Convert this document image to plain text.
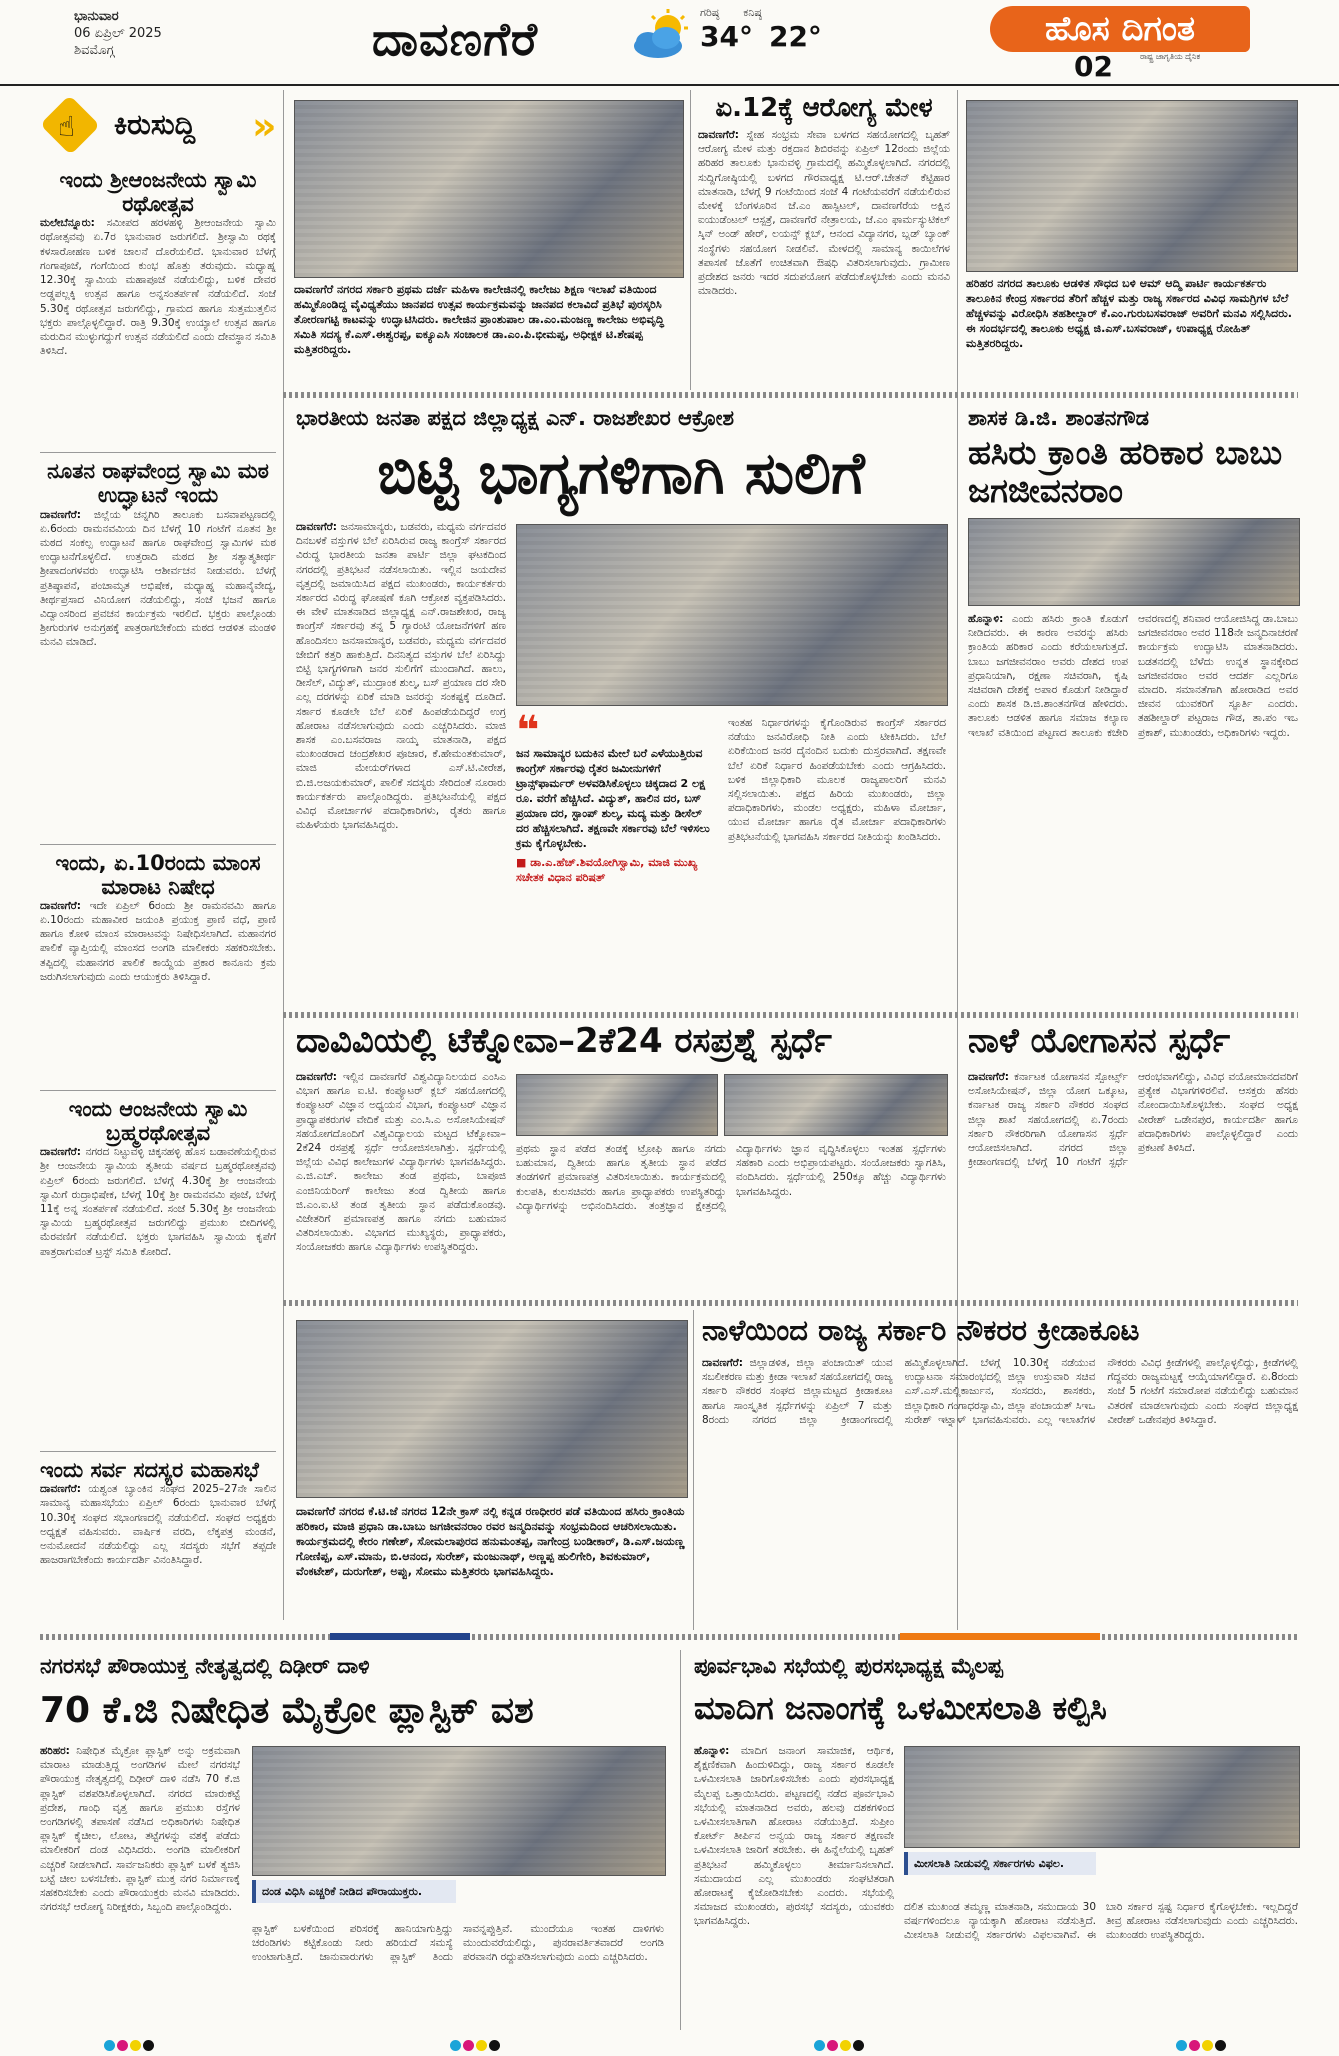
ಭಾನುವಾರ
06 ಏಪ್ರಿಲ್ 2025
ಶಿವಮೊಗ್ಗ	ದಾವಣಗೆರೆ	ಗರಿಷ್ಠ ಕನಿಷ್ಠ
34° 22°	ಹೊಸ ದಿಗಂತ
ರಾಷ್ಟ್ರ ಜಾಗೃತಿಯ ದೈನಿಕ
02
☝ ಕಿರುಸುದ್ದಿ »
ಇಂದು ಶ್ರೀಆಂಜನೇಯ ಸ್ವಾಮಿ ರಥೋತ್ಸವ
ಮಲೇಬೆನ್ನೂರು: ಸಮೀಪದ ಹರಳಹಳ್ಳಿ ಶ್ರೀಆಂಜನೇಯ ಸ್ವಾಮಿ ರಥೋತ್ಸವವು ಏ.7ರ ಭಾನುವಾರ ಜರುಗಲಿದೆ. ಶ್ರೀಸ್ವಾಮಿ ರಥಕ್ಕೆ ಕಳಸಾರೋಹಣ ಬಳಿಕ ಚಾಲನೆ ದೊರೆಯಲಿದೆ. ಭಾನುವಾರ ಬೆಳಗ್ಗೆ ಗಂಗಾಪೂಜೆ, ಗಂಗೆಯಿಂದ ಕುಂಭ ಹೊತ್ತು ತರುವುದು. ಮಧ್ಯಾಹ್ನ 12.30ಕ್ಕೆ ಸ್ವಾಮಿಯ ಮಹಾಪೂಜೆ ನಡೆಯಲಿದ್ದು, ಬಳಿಕ ದೇವರ ಅಡ್ಡಪಲ್ಲಕ್ಕಿ ಉತ್ಸವ ಹಾಗೂ ಅನ್ನಸಂತರ್ಪಣೆ ನಡೆಯಲಿದೆ. ಸಂಜೆ 5.30ಕ್ಕೆ ರಥೋತ್ಸವ ಜರುಗಲಿದ್ದು, ಗ್ರಾಮದ ಹಾಗೂ ಸುತ್ತಮುತ್ತಲಿನ ಭಕ್ತರು ಪಾಲ್ಗೊಳ್ಳಲಿದ್ದಾರೆ. ರಾತ್ರಿ 9.30ಕ್ಕೆ ಉಯ್ಯಾಲೆ ಉತ್ಸವ ಹಾಗೂ ಮರುದಿನ ಮುಳ್ಳುಗದ್ದುಗೆ ಉತ್ಸವ ನಡೆಯಲಿದೆ ಎಂದು ದೇವಸ್ಥಾನ ಸಮಿತಿ ತಿಳಿಸಿದೆ.
ನೂತನ ರಾಘವೇಂದ್ರ ಸ್ವಾಮಿ ಮಠ ಉದ್ಘಾಟನೆ ಇಂದು
ದಾವಣಗೆರೆ: ಜಿಲ್ಲೆಯ ಚನ್ನಗಿರಿ ತಾಲೂಕು ಬಸವಾಪಟ್ಟಣದಲ್ಲಿ ಏ.6ರಂದು ರಾಮನವಮಿಯ ದಿನ ಬೆಳಗ್ಗೆ 10 ಗಂಟೆಗೆ ನೂತನ ಶ್ರೀ ಮಠದ ಸಂಕಲ್ಪ ಉದ್ಘಾಟನೆ ಹಾಗೂ ರಾಘವೇಂದ್ರ ಸ್ವಾಮಿಗಳ ಮಠ ಉದ್ಘಾಟನೆಗೊಳ್ಳಲಿದೆ. ಉತ್ತರಾದಿ ಮಠದ ಶ್ರೀ ಸತ್ಯಾತ್ಮತೀರ್ಥ ಶ್ರೀಪಾದಂಗಳವರು ಉದ್ಘಾಟಿಸಿ ಆಶೀರ್ವಚನ ನೀಡುವರು. ಬೆಳಗ್ಗೆ ಪ್ರತಿಷ್ಠಾಪನೆ, ಪಂಚಾಮೃತ ಅಭಿಷೇಕ, ಮಧ್ಯಾಹ್ನ ಮಹಾನೈವೇದ್ಯ, ತೀರ್ಥಪ್ರಸಾದ ವಿನಿಯೋಗ ನಡೆಯಲಿದ್ದು, ಸಂಜೆ ಭಜನೆ ಹಾಗೂ ವಿದ್ವಾಂಸರಿಂದ ಪ್ರವಚನ ಕಾರ್ಯಕ್ರಮ ಇರಲಿದೆ. ಭಕ್ತರು ಪಾಲ್ಗೊಂಡು ಶ್ರೀಗುರುಗಳ ಅನುಗ್ರಹಕ್ಕೆ ಪಾತ್ರರಾಗಬೇಕೆಂದು ಮಠದ ಆಡಳಿತ ಮಂಡಳಿ ಮನವಿ ಮಾಡಿದೆ.
ಇಂದು, ಏ.10ರಂದು ಮಾಂಸ ಮಾರಾಟ ನಿಷೇಧ
ದಾವಣಗೆರೆ: ಇದೇ ಏಪ್ರಿಲ್ 6ರಂದು ಶ್ರೀ ರಾಮನವಮಿ ಹಾಗೂ ಏ.10ರಂದು ಮಹಾವೀರ ಜಯಂತಿ ಪ್ರಯುಕ್ತ ಪ್ರಾಣಿ ವಧೆ, ಪ್ರಾಣಿ ಹಾಗೂ ಕೋಳಿ ಮಾಂಸ ಮಾರಾಟವನ್ನು ನಿಷೇಧಿಸಲಾಗಿದೆ. ಮಹಾನಗರ ಪಾಲಿಕೆ ವ್ಯಾಪ್ತಿಯಲ್ಲಿ ಮಾಂಸದ ಅಂಗಡಿ ಮಾಲೀಕರು ಸಹಕರಿಸಬೇಕು. ತಪ್ಪಿದಲ್ಲಿ ಮಹಾನಗರ ಪಾಲಿಕೆ ಕಾಯ್ದೆಯ ಪ್ರಕಾರ ಕಾನೂನು ಕ್ರಮ ಜರುಗಿಸಲಾಗುವುದು ಎಂದು ಆಯುಕ್ತರು ತಿಳಿಸಿದ್ದಾರೆ.
ಇಂದು ಆಂಜನೇಯ ಸ್ವಾಮಿ ಬ್ರಹ್ಮರಥೋತ್ಸವ
ದಾವಣಗೆರೆ: ನಗರದ ನಿಟ್ಟುವಳ್ಳಿ ಚಿಕ್ಕನಹಳ್ಳಿ ಹೊಸ ಬಡಾವಣೆಯಲ್ಲಿರುವ ಶ್ರೀ ಆಂಜನೇಯ ಸ್ವಾಮಿಯ ತೃತೀಯ ವರ್ಷದ ಬ್ರಹ್ಮರಥೋತ್ಸವವು ಏಪ್ರಿಲ್ 6ರಂದು ಜರುಗಲಿದೆ. ಬೆಳಗ್ಗೆ 4.30ಕ್ಕೆ ಶ್ರೀ ಆಂಜನೇಯ ಸ್ವಾಮಿಗೆ ರುದ್ರಾಭಿಷೇಕ, ಬೆಳಗ್ಗೆ 10ಕ್ಕೆ ಶ್ರೀ ರಾಮನವಮಿ ಪೂಜೆ, ಬೆಳಗ್ಗೆ 11ಕ್ಕೆ ಅನ್ನ ಸಂತರ್ಪಣೆ ನಡೆಯಲಿದೆ. ಸಂಜೆ 5.30ಕ್ಕೆ ಶ್ರೀ ಆಂಜನೇಯ ಸ್ವಾಮಿಯ ಬ್ರಹ್ಮರಥೋತ್ಸವ ಜರುಗಲಿದ್ದು ಪ್ರಮುಖ ಬೀದಿಗಳಲ್ಲಿ ಮೆರವಣಿಗೆ ನಡೆಯಲಿದೆ. ಭಕ್ತರು ಭಾಗವಹಿಸಿ ಸ್ವಾಮಿಯ ಕೃಪೆಗೆ ಪಾತ್ರರಾಗುವಂತೆ ಟ್ರಸ್ಟ್ ಸಮಿತಿ ಕೋರಿದೆ.
ಇಂದು ಸರ್ವ ಸದಸ್ಯರ ಮಹಾಸಭೆ
ದಾವಣಗೆರೆ: ಯಶ್ವಂತ ಬ್ಯಾಂಕಿನ ಸಂಘದ 2025–27ನೇ ಸಾಲಿನ ಸಾಮಾನ್ಯ ಮಹಾಸಭೆಯು ಏಪ್ರಿಲ್ 6ರಂದು ಭಾನುವಾರ ಬೆಳಗ್ಗೆ 10.30ಕ್ಕೆ ಸಂಘದ ಸಭಾಂಗಣದಲ್ಲಿ ನಡೆಯಲಿದೆ. ಸಂಘದ ಅಧ್ಯಕ್ಷರು ಅಧ್ಯಕ್ಷತೆ ವಹಿಸುವರು. ವಾರ್ಷಿಕ ವರದಿ, ಲೆಕ್ಕಪತ್ರ ಮಂಡನೆ, ಅನುಮೋದನೆ ನಡೆಯಲಿದ್ದು ಎಲ್ಲ ಸದಸ್ಯರು ಸಭೆಗೆ ತಪ್ಪದೇ ಹಾಜರಾಗಬೇಕೆಂದು ಕಾರ್ಯದರ್ಶಿ ವಿನಂತಿಸಿದ್ದಾರೆ.
ದಾವಣಗೆರೆ ನಗರದ ಸರ್ಕಾರಿ ಪ್ರಥಮ ದರ್ಜೆ ಮಹಿಳಾ ಕಾಲೇಜಿನಲ್ಲಿ ಕಾಲೇಜು ಶಿಕ್ಷಣ ಇಲಾಖೆ ವತಿಯಿಂದ ಹಮ್ಮಿಕೊಂಡಿದ್ದ ವೈವಿಧ್ಯತೆಯು ಜಾನಪದ ಉತ್ಸವ ಕಾರ್ಯಕ್ರಮವನ್ನು ಜಾನಪದ ಕಲಾವಿದೆ ಪ್ರತಿಭೆ ಪುರಸ್ಕರಿಸಿ ತೋರಣಗಟ್ಟಿ ಕಾಟವನ್ನು ಉದ್ಘಾಟಿಸಿದರು. ಕಾಲೇಜಿನ ಪ್ರಾಂಶುಪಾಲ ಡಾ.ಎಂ.ಮಂಜಣ್ಣ ಕಾಲೇಜು ಅಭಿವೃದ್ಧಿ ಸಮಿತಿ ಸದಸ್ಯ ಕೆ.ಎಸ್.ಈಶ್ವರಪ್ಪ, ಐಕ್ಯೂಎಸಿ ಸಂಚಾಲಕ ಡಾ.ಎಂ.ಪಿ.ಭೀಮಪ್ಪ, ಅಧೀಕ್ಷಕ ಟಿ.ಶೇಷಪ್ಪ ಮತ್ತಿತರರಿದ್ದರು.
ಏ.12ಕ್ಕೆ ಆರೋಗ್ಯ ಮೇಳ
ದಾವಣಗೆರೆ: ಸ್ನೇಹ ಸಂಭ್ರಮ ಸೇವಾ ಬಳಗದ ಸಹಯೋಗದಲ್ಲಿ ಬೃಹತ್ ಆರೋಗ್ಯ ಮೇಳ ಮತ್ತು ರಕ್ತದಾನ ಶಿಬಿರವನ್ನು ಏಪ್ರಿಲ್ 12ರಂದು ಜಿಲ್ಲೆಯ ಹರಿಹರ ತಾಲೂಕು ಭಾನುವಳ್ಳಿ ಗ್ರಾಮದಲ್ಲಿ ಹಮ್ಮಿಕೊಳ್ಳಲಾಗಿದೆ. ನಗರದಲ್ಲಿ ಸುದ್ದಿಗೋಷ್ಠಿಯಲ್ಲಿ ಬಳಗದ ಗೌರವಾಧ್ಯಕ್ಷ ಟಿ.ಆರ್.ಚೇತನ್ ಕೆಟ್ಟಿಹಾರ ಮಾತನಾಡಿ, ಬೆಳಗ್ಗೆ 9 ಗಂಟೆಯಿಂದ ಸಂಜೆ 4 ಗಂಟೆಯವರೆಗೆ ನಡೆಯಲಿರುವ ಮೇಳಕ್ಕೆ ಬೆಂಗಳೂರಿನ ಜೆ.ಎಂ ಹಾಸ್ಪಿಟಲ್, ದಾವಣಗೆರೆಯ ಅಕ್ಷಿನ ಐಯುಡೆಂಟಲ್ ಆಸ್ಪತ್ರೆ, ದಾವಣಗೆರೆ ನೇತ್ರಾಲಯ, ಜೆ.ಎಂ ಫಾರ್ಮಸ್ಯುಟಿಕಲ್ ಸ್ಕಿನ್ ಅಂಡ್ ಹೇರ್, ಲಯನ್ಸ್ ಕ್ಲಬ್, ಆನಂದ ವಿದ್ಯಾನಗರ, ಬ್ಲಡ್ ಬ್ಯಾಂಕ್ ಸಂಸ್ಥೆಗಳು ಸಹಯೋಗ ನೀಡಲಿವೆ. ಮೇಳದಲ್ಲಿ ಸಾಮಾನ್ಯ ಕಾಯಿಲೆಗಳ ತಪಾಸಣೆ ಜೊತೆಗೆ ಉಚಿತವಾಗಿ ಔಷಧಿ ವಿತರಿಸಲಾಗುವುದು. ಗ್ರಾಮೀಣ ಪ್ರದೇಶದ ಜನರು ಇದರ ಸದುಪಯೋಗ ಪಡೆದುಕೊಳ್ಳಬೇಕು ಎಂದು ಮನವಿ ಮಾಡಿದರು.
ಹರಿಹರ ನಗರದ ತಾಲೂಕು ಆಡಳಿತ ಸೌಧದ ಬಳಿ ಆಮ್ ಆದ್ಮಿ ಪಾರ್ಟಿ ಕಾರ್ಯಕರ್ತರು ತಾಲೂಕಿನ ಕೇಂದ್ರ ಸರ್ಕಾರದ ತೆರಿಗೆ ಹೆಚ್ಚಳ ಮತ್ತು ರಾಜ್ಯ ಸರ್ಕಾರದ ವಿವಿಧ ಸಾಮಗ್ರಿಗಳ ಬೆಲೆ ಹೆಚ್ಚಳವನ್ನು ವಿರೋಧಿಸಿ ತಹಶೀಲ್ದಾರ್ ಕೆ.ಎಂ.ಗುರುಬಸವರಾಜ್ ಅವರಿಗೆ ಮನವಿ ಸಲ್ಲಿಸಿದರು. ಈ ಸಂದರ್ಭದಲ್ಲಿ ತಾಲೂಕು ಅಧ್ಯಕ್ಷ ಜಿ.ಎಸ್.ಬಸವರಾಜ್, ಉಪಾಧ್ಯಕ್ಷ ರೋಹಿತ್ ಮತ್ತಿತರರಿದ್ದರು.
ಭಾರತೀಯ ಜನತಾ ಪಕ್ಷದ ಜಿಲ್ಲಾಧ್ಯಕ್ಷ ಎನ್. ರಾಜಶೇಖರ ಆಕ್ರೋಶ
ಬಿಟ್ಟಿ ಭಾಗ್ಯಗಳಿಗಾಗಿ ಸುಲಿಗೆ
ದಾವಣಗೆರೆ: ಜನಸಾಮಾನ್ಯರು, ಬಡವರು, ಮಧ್ಯಮ ವರ್ಗದವರ ದಿನಬಳಕೆ ವಸ್ತುಗಳ ಬೆಲೆ ಏರಿಸಿರುವ ರಾಜ್ಯ ಕಾಂಗ್ರೆಸ್ ಸರ್ಕಾರದ ವಿರುದ್ಧ ಭಾರತೀಯ ಜನತಾ ಪಾರ್ಟಿ ಜಿಲ್ಲಾ ಘಟಕದಿಂದ ನಗರದಲ್ಲಿ ಪ್ರತಿಭಟನೆ ನಡೆಸಲಾಯಿತು. ಇಲ್ಲಿನ ಜಯದೇವ ವೃತ್ತದಲ್ಲಿ ಜಮಾಯಿಸಿದ ಪಕ್ಷದ ಮುಖಂಡರು, ಕಾರ್ಯಕರ್ತರು ಸರ್ಕಾರದ ವಿರುದ್ಧ ಘೋಷಣೆ ಕೂಗಿ ಆಕ್ರೋಶ ವ್ಯಕ್ತಪಡಿಸಿದರು. ಈ ವೇಳೆ ಮಾತನಾಡಿದ ಜಿಲ್ಲಾಧ್ಯಕ್ಷ ಎನ್.ರಾಜಶೇಖರ, ರಾಜ್ಯ ಕಾಂಗ್ರೆಸ್ ಸರ್ಕಾರವು ತನ್ನ 5 ಗ್ಯಾರಂಟಿ ಯೋಜನೆಗಳಿಗೆ ಹಣ ಹೊಂದಿಸಲು ಜನಸಾಮಾನ್ಯರ, ಬಡವರು, ಮಧ್ಯಮ ವರ್ಗದವರ ಜೇಬಿಗೆ ಕತ್ತರಿ ಹಾಕುತ್ತಿದೆ. ದಿನನಿತ್ಯದ ವಸ್ತುಗಳ ಬೆಲೆ ಏರಿಸಿದ್ದು ಬಿಟ್ಟಿ ಭಾಗ್ಯಗಳಿಗಾಗಿ ಜನರ ಸುಲಿಗೆಗೆ ಮುಂದಾಗಿದೆ. ಹಾಲು, ಡೀಸೆಲ್, ವಿದ್ಯುತ್, ಮುದ್ರಾಂಕ ಶುಲ್ಕ, ಬಸ್ ಪ್ರಯಾಣ ದರ ಸೇರಿ ಎಲ್ಲ ದರಗಳನ್ನು ಏರಿಕೆ ಮಾಡಿ ಜನರನ್ನು ಸಂಕಷ್ಟಕ್ಕೆ ದೂಡಿದೆ. ಸರ್ಕಾರ ಕೂಡಲೇ ಬೆಲೆ ಏರಿಕೆ ಹಿಂಪಡೆಯದಿದ್ದರೆ ಉಗ್ರ ಹೋರಾಟ ನಡೆಸಲಾಗುವುದು ಎಂದು ಎಚ್ಚರಿಸಿದರು. ಮಾಜಿ ಶಾಸಕ ಎಂ.ಬಸವರಾಜ ನಾಯ್ಕ ಮಾತನಾಡಿ, ಪಕ್ಷದ ಮುಖಂಡರಾದ ಚಂದ್ರಶೇಖರ ಪೂಜಾರ, ಕೆ.ಹೇಮಂತಕುಮಾರ್, ಮಾಜಿ ಮೇಯರ್‌ಗಳಾದ ಎಸ್.ಟಿ.ವೀರೇಶ, ಬಿ.ಜಿ.ಅಜಯಕುಮಾರ್, ಪಾಲಿಕೆ ಸದಸ್ಯರು ಸೇರಿದಂತೆ ನೂರಾರು ಕಾರ್ಯಕರ್ತರು ಪಾಲ್ಗೊಂಡಿದ್ದರು. ಪ್ರತಿಭಟನೆಯಲ್ಲಿ ಪಕ್ಷದ ವಿವಿಧ ಮೋರ್ಚಾಗಳ ಪದಾಧಿಕಾರಿಗಳು, ರೈತರು ಹಾಗೂ ಮಹಿಳೆಯರು ಭಾಗವಹಿಸಿದ್ದರು.
❝
ಜನ ಸಾಮಾನ್ಯರ ಬದುಕಿನ ಮೇಲೆ ಬರೆ ಎಳೆಯುತ್ತಿರುವ ಕಾಂಗ್ರೆಸ್ ಸರ್ಕಾರವು ರೈತರ ಜಮೀನುಗಳಿಗೆ ಟ್ರಾನ್ಸ್‌ಫಾರ್ಮರ್ ಅಳವಡಿಸಿಕೊಳ್ಳಲು ಚಿಕ್ಕದಾದ 2 ಲಕ್ಷ ರೂ. ವರೆಗೆ ಹೆಚ್ಚಿಸಿದೆ. ವಿದ್ಯುತ್, ಹಾಲಿನ ದರ, ಬಸ್ ಪ್ರಯಾಣ ದರ, ಸ್ಟಾಂಪ್ ಶುಲ್ಕ, ಮದ್ಯ ಮತ್ತು ಡೀಸೆಲ್ ದರ ಹೆಚ್ಚಿಸಲಾಗಿದೆ. ತಕ್ಷಣವೇ ಸರ್ಕಾರವು ಬೆಲೆ ಇಳಿಸಲು ಕ್ರಮ ಕೈಗೊಳ್ಳಬೇಕು.
■ ಡಾ.ಎ.ಹೆಚ್.ಶಿವಯೋಗಿಸ್ವಾಮಿ, ಮಾಜಿ ಮುಖ್ಯ ಸಚೇತಕ ವಿಧಾನ ಪರಿಷತ್
ಇಂತಹ ನಿರ್ಧಾರಗಳನ್ನು ಕೈಗೊಂಡಿರುವ ಕಾಂಗ್ರೆಸ್ ಸರ್ಕಾರದ ನಡೆಯು ಜನವಿರೋಧಿ ನೀತಿ ಎಂದು ಟೀಕಿಸಿದರು. ಬೆಲೆ ಏರಿಕೆಯಿಂದ ಜನರ ದೈನಂದಿನ ಬದುಕು ದುಸ್ತರವಾಗಿದೆ. ತಕ್ಷಣವೇ ಬೆಲೆ ಏರಿಕೆ ನಿರ್ಧಾರ ಹಿಂಪಡೆಯಬೇಕು ಎಂದು ಆಗ್ರಹಿಸಿದರು. ಬಳಿಕ ಜಿಲ್ಲಾಧಿಕಾರಿ ಮೂಲಕ ರಾಜ್ಯಪಾಲರಿಗೆ ಮನವಿ ಸಲ್ಲಿಸಲಾಯಿತು. ಪಕ್ಷದ ಹಿರಿಯ ಮುಖಂಡರು, ಜಿಲ್ಲಾ ಪದಾಧಿಕಾರಿಗಳು, ಮಂಡಲ ಅಧ್ಯಕ್ಷರು, ಮಹಿಳಾ ಮೋರ್ಚಾ, ಯುವ ಮೋರ್ಚಾ ಹಾಗೂ ರೈತ ಮೋರ್ಚಾ ಪದಾಧಿಕಾರಿಗಳು ಪ್ರತಿಭಟನೆಯಲ್ಲಿ ಭಾಗವಹಿಸಿ ಸರ್ಕಾರದ ನೀತಿಯನ್ನು ಖಂಡಿಸಿದರು.
ಶಾಸಕ ಡಿ.ಜಿ. ಶಾಂತನಗೌಡ
ಹಸಿರು ಕ್ರಾಂತಿ ಹರಿಕಾರ ಬಾಬು ಜಗಜೀವನರಾಂ
ಹೊನ್ನಾಳಿ: ಎಂದು ಹಸಿರು ಕ್ರಾಂತಿ ಕೊಡುಗೆ ನೀಡಿದವರು. ಈ ಕಾರಣ ಅವರನ್ನು ಹಸಿರು ಕ್ರಾಂತಿಯ ಹರಿಕಾರ ಎಂದು ಕರೆಯಲಾಗುತ್ತದೆ. ಬಾಬು ಜಗಜೀವನರಾಂ ಅವರು ದೇಶದ ಉಪ ಪ್ರಧಾನಿಯಾಗಿ, ರಕ್ಷಣಾ ಸಚಿವರಾಗಿ, ಕೃಷಿ ಸಚಿವರಾಗಿ ದೇಶಕ್ಕೆ ಅಪಾರ ಕೊಡುಗೆ ನೀಡಿದ್ದಾರೆ ಎಂದು ಶಾಸಕ ಡಿ.ಜಿ.ಶಾಂತನಗೌಡ ಹೇಳಿದರು. ತಾಲೂಕು ಆಡಳಿತ ಹಾಗೂ ಸಮಾಜ ಕಲ್ಯಾಣ ಇಲಾಖೆ ವತಿಯಿಂದ ಪಟ್ಟಣದ ತಾಲೂಕು ಕಚೇರಿ ಆವರಣದಲ್ಲಿ ಶನಿವಾರ ಆಯೋಜಿಸಿದ್ದ ಡಾ.ಬಾಬು ಜಗಜೀವನರಾಂ ಅವರ 118ನೇ ಜನ್ಮದಿನಾಚರಣೆ ಕಾರ್ಯಕ್ರಮ ಉದ್ಘಾಟಿಸಿ ಮಾತನಾಡಿದರು. ಬಡತನದಲ್ಲಿ ಬೆಳೆದು ಉನ್ನತ ಸ್ಥಾನಕ್ಕೇರಿದ ಜಗಜೀವನರಾಂ ಅವರ ಆದರ್ಶ ಎಲ್ಲರಿಗೂ ಮಾದರಿ. ಸಮಾನತೆಗಾಗಿ ಹೋರಾಡಿದ ಅವರ ಜೀವನ ಯುವಕರಿಗೆ ಸ್ಫೂರ್ತಿ ಎಂದರು. ತಹಶೀಲ್ದಾರ್ ಪಟ್ಟರಾಜ ಗೌಡ, ತಾ.ಪಂ ಇಒ ಪ್ರಕಾಶ್, ಮುಖಂಡರು, ಅಧಿಕಾರಿಗಳು ಇದ್ದರು.
ದಾವಿವಿಯಲ್ಲಿ ಟೆಕ್ನೋವಾ–2ಕೆ24 ರಸಪ್ರಶ್ನೆ ಸ್ಪರ್ಧೆ
ದಾವಣಗೆರೆ: ಇಲ್ಲಿನ ದಾವಣಗೆರೆ ವಿಶ್ವವಿದ್ಯಾನಿಲಯದ ಎಂಸಿಎ ವಿಭಾಗ ಹಾಗೂ ಐ.ಟಿ. ಕಂಪ್ಯೂಟರ್ ಕ್ಲಬ್ ಸಹಯೋಗದಲ್ಲಿ ಕಂಪ್ಯೂಟರ್ ವಿಜ್ಞಾನ ಅಧ್ಯಯನ ವಿಭಾಗ, ಕಂಪ್ಯೂಟರ್ ವಿಜ್ಞಾನ ಪ್ರಾಧ್ಯಾಪಕರುಗಳ ವೇದಿಕೆ ಮತ್ತು ಎಂ.ಸಿ.ಎ ಅಸೋಸಿಯೇಷನ್ ಸಹಯೋಗದೊಂದಿಗೆ ವಿಶ್ವವಿದ್ಯಾಲಯ ಮಟ್ಟದ ಟೆಕ್ನೋವಾ–2ಕೆ24 ರಸಪ್ರಶ್ನೆ ಸ್ಪರ್ಧೆ ಆಯೋಜಿಸಲಾಗಿತ್ತು. ಸ್ಪರ್ಧೆಯಲ್ಲಿ ಜಿಲ್ಲೆಯ ವಿವಿಧ ಕಾಲೇಜುಗಳ ವಿದ್ಯಾರ್ಥಿಗಳು ಭಾಗವಹಿಸಿದ್ದರು. ಎ.ಜಿ.ಎಚ್. ಕಾಲೇಜು ತಂಡ ಪ್ರಥಮ, ಬಾಪೂಜಿ ಎಂಜಿನಿಯರಿಂಗ್ ಕಾಲೇಜು ತಂಡ ದ್ವಿತೀಯ ಹಾಗೂ ಜಿ.ಎಂ.ಐ.ಟಿ ತಂಡ ತೃತೀಯ ಸ್ಥಾನ ಪಡೆದುಕೊಂಡವು. ವಿಜೇತರಿಗೆ ಪ್ರಮಾಣಪತ್ರ ಹಾಗೂ ನಗದು ಬಹುಮಾನ ವಿತರಿಸಲಾಯಿತು. ವಿಭಾಗದ ಮುಖ್ಯಸ್ಥರು, ಪ್ರಾಧ್ಯಾಪಕರು, ಸಂಯೋಜಕರು ಹಾಗೂ ವಿದ್ಯಾರ್ಥಿಗಳು ಉಪಸ್ಥಿತರಿದ್ದರು.
ಪ್ರಥಮ ಸ್ಥಾನ ಪಡೆದ ತಂಡಕ್ಕೆ ಟ್ರೋಫಿ ಹಾಗೂ ನಗದು ಬಹುಮಾನ, ದ್ವಿತೀಯ ಹಾಗೂ ತೃತೀಯ ಸ್ಥಾನ ಪಡೆದ ತಂಡಗಳಿಗೆ ಪ್ರಮಾಣಪತ್ರ ವಿತರಿಸಲಾಯಿತು. ಕಾರ್ಯಕ್ರಮದಲ್ಲಿ ಕುಲಪತಿ, ಕುಲಸಚಿವರು ಹಾಗೂ ಪ್ರಾಧ್ಯಾಪಕರು ಉಪಸ್ಥಿತರಿದ್ದು ವಿದ್ಯಾರ್ಥಿಗಳನ್ನು ಅಭಿನಂದಿಸಿದರು. ತಂತ್ರಜ್ಞಾನ ಕ್ಷೇತ್ರದಲ್ಲಿ ವಿದ್ಯಾರ್ಥಿಗಳು ಜ್ಞಾನ ವೃದ್ಧಿಸಿಕೊಳ್ಳಲು ಇಂತಹ ಸ್ಪರ್ಧೆಗಳು ಸಹಕಾರಿ ಎಂದು ಅಭಿಪ್ರಾಯಪಟ್ಟರು. ಸಂಯೋಜಕರು ಸ್ವಾಗತಿಸಿ, ವಂದಿಸಿದರು. ಸ್ಪರ್ಧೆಯಲ್ಲಿ 250ಕ್ಕೂ ಹೆಚ್ಚು ವಿದ್ಯಾರ್ಥಿಗಳು ಭಾಗವಹಿಸಿದ್ದರು.
ನಾಳೆ ಯೋಗಾಸನ ಸ್ಪರ್ಧೆ
ದಾವಣಗೆರೆ: ಕರ್ನಾಟಕ ಯೋಗಾಸನ ಸ್ಪೋರ್ಟ್ಸ್ ಅಸೋಸಿಯೇಷನ್, ಜಿಲ್ಲಾ ಯೋಗ ಒಕ್ಕೂಟ, ಕರ್ನಾಟಕ ರಾಜ್ಯ ಸರ್ಕಾರಿ ನೌಕರರ ಸಂಘದ ಜಿಲ್ಲಾ ಶಾಖೆ ಸಹಯೋಗದಲ್ಲಿ ಏ.7ರಂದು ಸರ್ಕಾರಿ ನೌಕರರಿಗಾಗಿ ಯೋಗಾಸನ ಸ್ಪರ್ಧೆ ಆಯೋಜಿಸಲಾಗಿದೆ. ನಗರದ ಜಿಲ್ಲಾ ಕ್ರೀಡಾಂಗಣದಲ್ಲಿ ಬೆಳಗ್ಗೆ 10 ಗಂಟೆಗೆ ಸ್ಪರ್ಧೆ ಆರಂಭವಾಗಲಿದ್ದು, ವಿವಿಧ ವಯೋಮಾನದವರಿಗೆ ಪ್ರತ್ಯೇಕ ವಿಭಾಗಗಳಿರಲಿವೆ. ಆಸಕ್ತರು ಹೆಸರು ನೋಂದಾಯಿಸಿಕೊಳ್ಳಬೇಕು. ಸಂಘದ ಅಧ್ಯಕ್ಷ ವೀರೇಶ್ ಒಡೇನಪುರ, ಕಾರ್ಯದರ್ಶಿ ಹಾಗೂ ಪದಾಧಿಕಾರಿಗಳು ಪಾಲ್ಗೊಳ್ಳಲಿದ್ದಾರೆ ಎಂದು ಪ್ರಕಟಣೆ ತಿಳಿಸಿದೆ.
ದಾವಣಗೆರೆ ನಗರದ ಕೆ.ಟಿ.ಜೆ ನಗರದ 12ನೇ ಕ್ರಾಸ್ ನಲ್ಲಿ ಕನ್ನಡ ರಣಧೀರರ ಪಡೆ ವತಿಯಿಂದ ಹಸಿರು ಕ್ರಾಂತಿಯ ಹರಿಕಾರ, ಮಾಜಿ ಪ್ರಧಾನಿ ಡಾ.ಬಾಬು ಜಗಜೀವನರಾಂ ರವರ ಜನ್ಮದಿನವನ್ನು ಸಂಭ್ರಮದಿಂದ ಆಚರಿಸಲಾಯಿತು. ಕಾರ್ಯಕ್ರಮದಲ್ಲಿ ಕೇರಂ ಗಣೇಶ್, ಸೋಮಲಾಪುರದ ಹನುಮಂತಪ್ಪ, ನಾಗೇಂದ್ರ ಬಂಡೀಕಾರ್, ಡಿ.ಎಸ್.ಜಯಣ್ಣ ಗೋಣಿಪ್ಪ, ಎಸ್.ಮಾನು, ಬಿ.ಆನಂದ, ಸುರೇಶ್, ಮಂಜುನಾಥ್, ಅಣ್ಣಪ್ಪ ಹುಲಿಗೇರಿ, ಶಿವಕುಮಾರ್, ವೆಂಕಟೇಶ್, ದುರುಗೇಶ್, ಅಪ್ಪು, ಸೋಮು ಮತ್ತಿತರರು ಭಾಗವಹಿಸಿದ್ದರು.
ನಾಳೆಯಿಂದ ರಾಜ್ಯ ಸರ್ಕಾರಿ ನೌಕರರ ಕ್ರೀಡಾಕೂಟ
ದಾವಣಗೆರೆ: ಜಿಲ್ಲಾಡಳಿತ, ಜಿಲ್ಲಾ ಪಂಚಾಯಿತ್ ಯುವ ಸಬಲೀಕರಣ ಮತ್ತು ಕ್ರೀಡಾ ಇಲಾಖೆ ಸಹಯೋಗದಲ್ಲಿ ರಾಜ್ಯ ಸರ್ಕಾರಿ ನೌಕರರ ಸಂಘದ ಜಿಲ್ಲಾಮಟ್ಟದ ಕ್ರೀಡಾಕೂಟ ಹಾಗೂ ಸಾಂಸ್ಕೃತಿಕ ಸ್ಪರ್ಧೆಗಳನ್ನು ಏಪ್ರಿಲ್ 7 ಮತ್ತು 8ರಂದು ನಗರದ ಜಿಲ್ಲಾ ಕ್ರೀಡಾಂಗಣದಲ್ಲಿ ಹಮ್ಮಿಕೊಳ್ಳಲಾಗಿದೆ. ಬೆಳಗ್ಗೆ 10.30ಕ್ಕೆ ನಡೆಯುವ ಉದ್ಘಾಟನಾ ಸಮಾರಂಭದಲ್ಲಿ ಜಿಲ್ಲಾ ಉಸ್ತುವಾರಿ ಸಚಿವ ಎಸ್.ಎಸ್.ಮಲ್ಲಿಕಾರ್ಜುನ, ಸಂಸದರು, ಶಾಸಕರು, ಜಿಲ್ಲಾಧಿಕಾರಿ ಗಂಗಾಧರಸ್ವಾಮಿ, ಜಿಲ್ಲಾ ಪಂಚಾಯತ್ ಸಿಇಒ ಸುರೇಶ್ ಇಟ್ನಾಳ್ ಭಾಗವಹಿಸುವರು. ಎಲ್ಲ ಇಲಾಖೆಗಳ ನೌಕರರು ವಿವಿಧ ಕ್ರೀಡೆಗಳಲ್ಲಿ ಪಾಲ್ಗೊಳ್ಳಲಿದ್ದು, ಕ್ರೀಡೆಗಳಲ್ಲಿ ಗೆದ್ದವರು ರಾಜ್ಯಮಟ್ಟಕ್ಕೆ ಆಯ್ಕೆಯಾಗಲಿದ್ದಾರೆ. ಏ.8ರಂದು ಸಂಜೆ 5 ಗಂಟೆಗೆ ಸಮಾರೋಪ ನಡೆಯಲಿದ್ದು ಬಹುಮಾನ ವಿತರಣೆ ಮಾಡಲಾಗುವುದು ಎಂದು ಸಂಘದ ಜಿಲ್ಲಾಧ್ಯಕ್ಷ ವೀರೇಶ್ ಒಡೇನಪುರ ತಿಳಿಸಿದ್ದಾರೆ.
ನಗರಸಭೆ ಪೌರಾಯುಕ್ತ ನೇತೃತ್ವದಲ್ಲಿ ದಿಢೀರ್ ದಾಳಿ
70 ಕೆ.ಜಿ ನಿಷೇಧಿತ ಮೈಕ್ರೋ ಪ್ಲಾಸ್ಟಿಕ್ ವಶ
ಹರಿಹರ: ನಿಷೇಧಿತ ಮೈಕ್ರೋ ಪ್ಲಾಸ್ಟಿಕ್ ಅನ್ನು ಅಕ್ರಮವಾಗಿ ಮಾರಾಟ ಮಾಡುತ್ತಿದ್ದ ಅಂಗಡಿಗಳ ಮೇಲೆ ನಗರಸಭೆ ಪೌರಾಯುಕ್ತ ನೇತೃತ್ವದಲ್ಲಿ ದಿಢೀರ್ ದಾಳಿ ನಡೆಸಿ 70 ಕೆ.ಜಿ ಪ್ಲಾಸ್ಟಿಕ್ ವಶಪಡಿಸಿಕೊಳ್ಳಲಾಗಿದೆ. ನಗರದ ಮಾರುಕಟ್ಟೆ ಪ್ರದೇಶ, ಗಾಂಧಿ ವೃತ್ತ ಹಾಗೂ ಪ್ರಮುಖ ರಸ್ತೆಗಳ ಅಂಗಡಿಗಳಲ್ಲಿ ತಪಾಸಣೆ ನಡೆಸಿದ ಅಧಿಕಾರಿಗಳು ನಿಷೇಧಿತ ಪ್ಲಾಸ್ಟಿಕ್ ಕೈಚೀಲ, ಲೋಟ, ತಟ್ಟೆಗಳನ್ನು ವಶಕ್ಕೆ ಪಡೆದು ಮಾಲೀಕರಿಗೆ ದಂಡ ವಿಧಿಸಿದರು. ಅಂಗಡಿ ಮಾಲೀಕರಿಗೆ ಎಚ್ಚರಿಕೆ ನೀಡಲಾಗಿದೆ. ಸಾರ್ವಜನಿಕರು ಪ್ಲಾಸ್ಟಿಕ್ ಬಳಕೆ ತ್ಯಜಿಸಿ ಬಟ್ಟೆ ಚೀಲ ಬಳಸಬೇಕು. ಪ್ಲಾಸ್ಟಿಕ್ ಮುಕ್ತ ನಗರ ನಿರ್ಮಾಣಕ್ಕೆ ಸಹಕರಿಸಬೇಕು ಎಂದು ಪೌರಾಯುಕ್ತರು ಮನವಿ ಮಾಡಿದರು. ನಗರಸಭೆ ಆರೋಗ್ಯ ನಿರೀಕ್ಷಕರು, ಸಿಬ್ಬಂದಿ ಪಾಲ್ಗೊಂಡಿದ್ದರು.
ದಂಡ ವಿಧಿಸಿ ಎಚ್ಚರಿಕೆ ನೀಡಿದ ಪೌರಾಯುಕ್ತರು.
ಪ್ಲಾಸ್ಟಿಕ್ ಬಳಕೆಯಿಂದ ಪರಿಸರಕ್ಕೆ ಹಾನಿಯಾಗುತ್ತಿದ್ದು ಚರಂಡಿಗಳು ಕಟ್ಟಿಕೊಂಡು ನೀರು ಹರಿಯದೆ ಸಮಸ್ಯೆ ಉಂಟಾಗುತ್ತಿದೆ. ಜಾನುವಾರುಗಳು ಪ್ಲಾಸ್ಟಿಕ್ ತಿಂದು ಸಾವನ್ನಪ್ಪುತ್ತಿವೆ. ಮುಂದೆಯೂ ಇಂತಹ ದಾಳಿಗಳು ಮುಂದುವರೆಯಲಿದ್ದು, ಪುನರಾವರ್ತಿತವಾದರೆ ಅಂಗಡಿ ಪರವಾನಗಿ ರದ್ದುಪಡಿಸಲಾಗುವುದು ಎಂದು ಎಚ್ಚರಿಸಿದರು.
ಪೂರ್ವಭಾವಿ ಸಭೆಯಲ್ಲಿ ಪುರಸಭಾಧ್ಯಕ್ಷ ಮೈಲಪ್ಪ
ಮಾದಿಗ ಜನಾಂಗಕ್ಕೆ ಒಳಮೀಸಲಾತಿ ಕಲ್ಪಿಸಿ
ಹೊನ್ನಾಳಿ: ಮಾದಿಗ ಜನಾಂಗ ಸಾಮಾಜಿಕ, ಆರ್ಥಿಕ, ಶೈಕ್ಷಣಿಕವಾಗಿ ಹಿಂದುಳಿದಿದ್ದು, ರಾಜ್ಯ ಸರ್ಕಾರ ಕೂಡಲೇ ಒಳಮೀಸಲಾತಿ ಜಾರಿಗೊಳಿಸಬೇಕು ಎಂದು ಪುರಸಭಾಧ್ಯಕ್ಷ ಮೈಲಪ್ಪ ಒತ್ತಾಯಿಸಿದರು. ಪಟ್ಟಣದಲ್ಲಿ ನಡೆದ ಪೂರ್ವಭಾವಿ ಸಭೆಯಲ್ಲಿ ಮಾತನಾಡಿದ ಅವರು, ಹಲವು ದಶಕಗಳಿಂದ ಒಳಮೀಸಲಾತಿಗಾಗಿ ಹೋರಾಟ ನಡೆಯುತ್ತಿದೆ. ಸುಪ್ರೀಂ ಕೋರ್ಟ್ ತೀರ್ಪಿನ ಅನ್ವಯ ರಾಜ್ಯ ಸರ್ಕಾರ ತಕ್ಷಣವೇ ಒಳಮೀಸಲಾತಿ ಜಾರಿಗೆ ತರಬೇಕು. ಈ ಹಿನ್ನೆಲೆಯಲ್ಲಿ ಬೃಹತ್ ಪ್ರತಿಭಟನೆ ಹಮ್ಮಿಕೊಳ್ಳಲು ತೀರ್ಮಾನಿಸಲಾಗಿದೆ. ಸಮುದಾಯದ ಎಲ್ಲ ಮುಖಂಡರು ಸಂಘಟಿತರಾಗಿ ಹೋರಾಟಕ್ಕೆ ಕೈಜೋಡಿಸಬೇಕು ಎಂದರು. ಸಭೆಯಲ್ಲಿ ಸಮಾಜದ ಮುಖಂಡರು, ಪುರಸಭೆ ಸದಸ್ಯರು, ಯುವಕರು ಭಾಗವಹಿಸಿದ್ದರು.
ಮೀಸಲಾತಿ ನೀಡುವಲ್ಲಿ ಸರ್ಕಾರಗಳು ವಿಫಲ.
ದಲಿತ ಮುಖಂಡ ತಮ್ಮಣ್ಣ ಮಾತನಾಡಿ, ಸಮುದಾಯ 30 ವರ್ಷಗಳಿಂದಲೂ ನ್ಯಾಯಕ್ಕಾಗಿ ಹೋರಾಟ ನಡೆಸುತ್ತಿದೆ. ಮೀಸಲಾತಿ ನೀಡುವಲ್ಲಿ ಸರ್ಕಾರಗಳು ವಿಫಲವಾಗಿವೆ. ಈ ಬಾರಿ ಸರ್ಕಾರ ಸ್ಪಷ್ಟ ನಿರ್ಧಾರ ಕೈಗೊಳ್ಳಬೇಕು. ಇಲ್ಲದಿದ್ದರೆ ತೀವ್ರ ಹೋರಾಟ ನಡೆಸಲಾಗುವುದು ಎಂದು ಎಚ್ಚರಿಸಿದರು. ಮುಖಂಡರು ಉಪಸ್ಥಿತರಿದ್ದರು.
